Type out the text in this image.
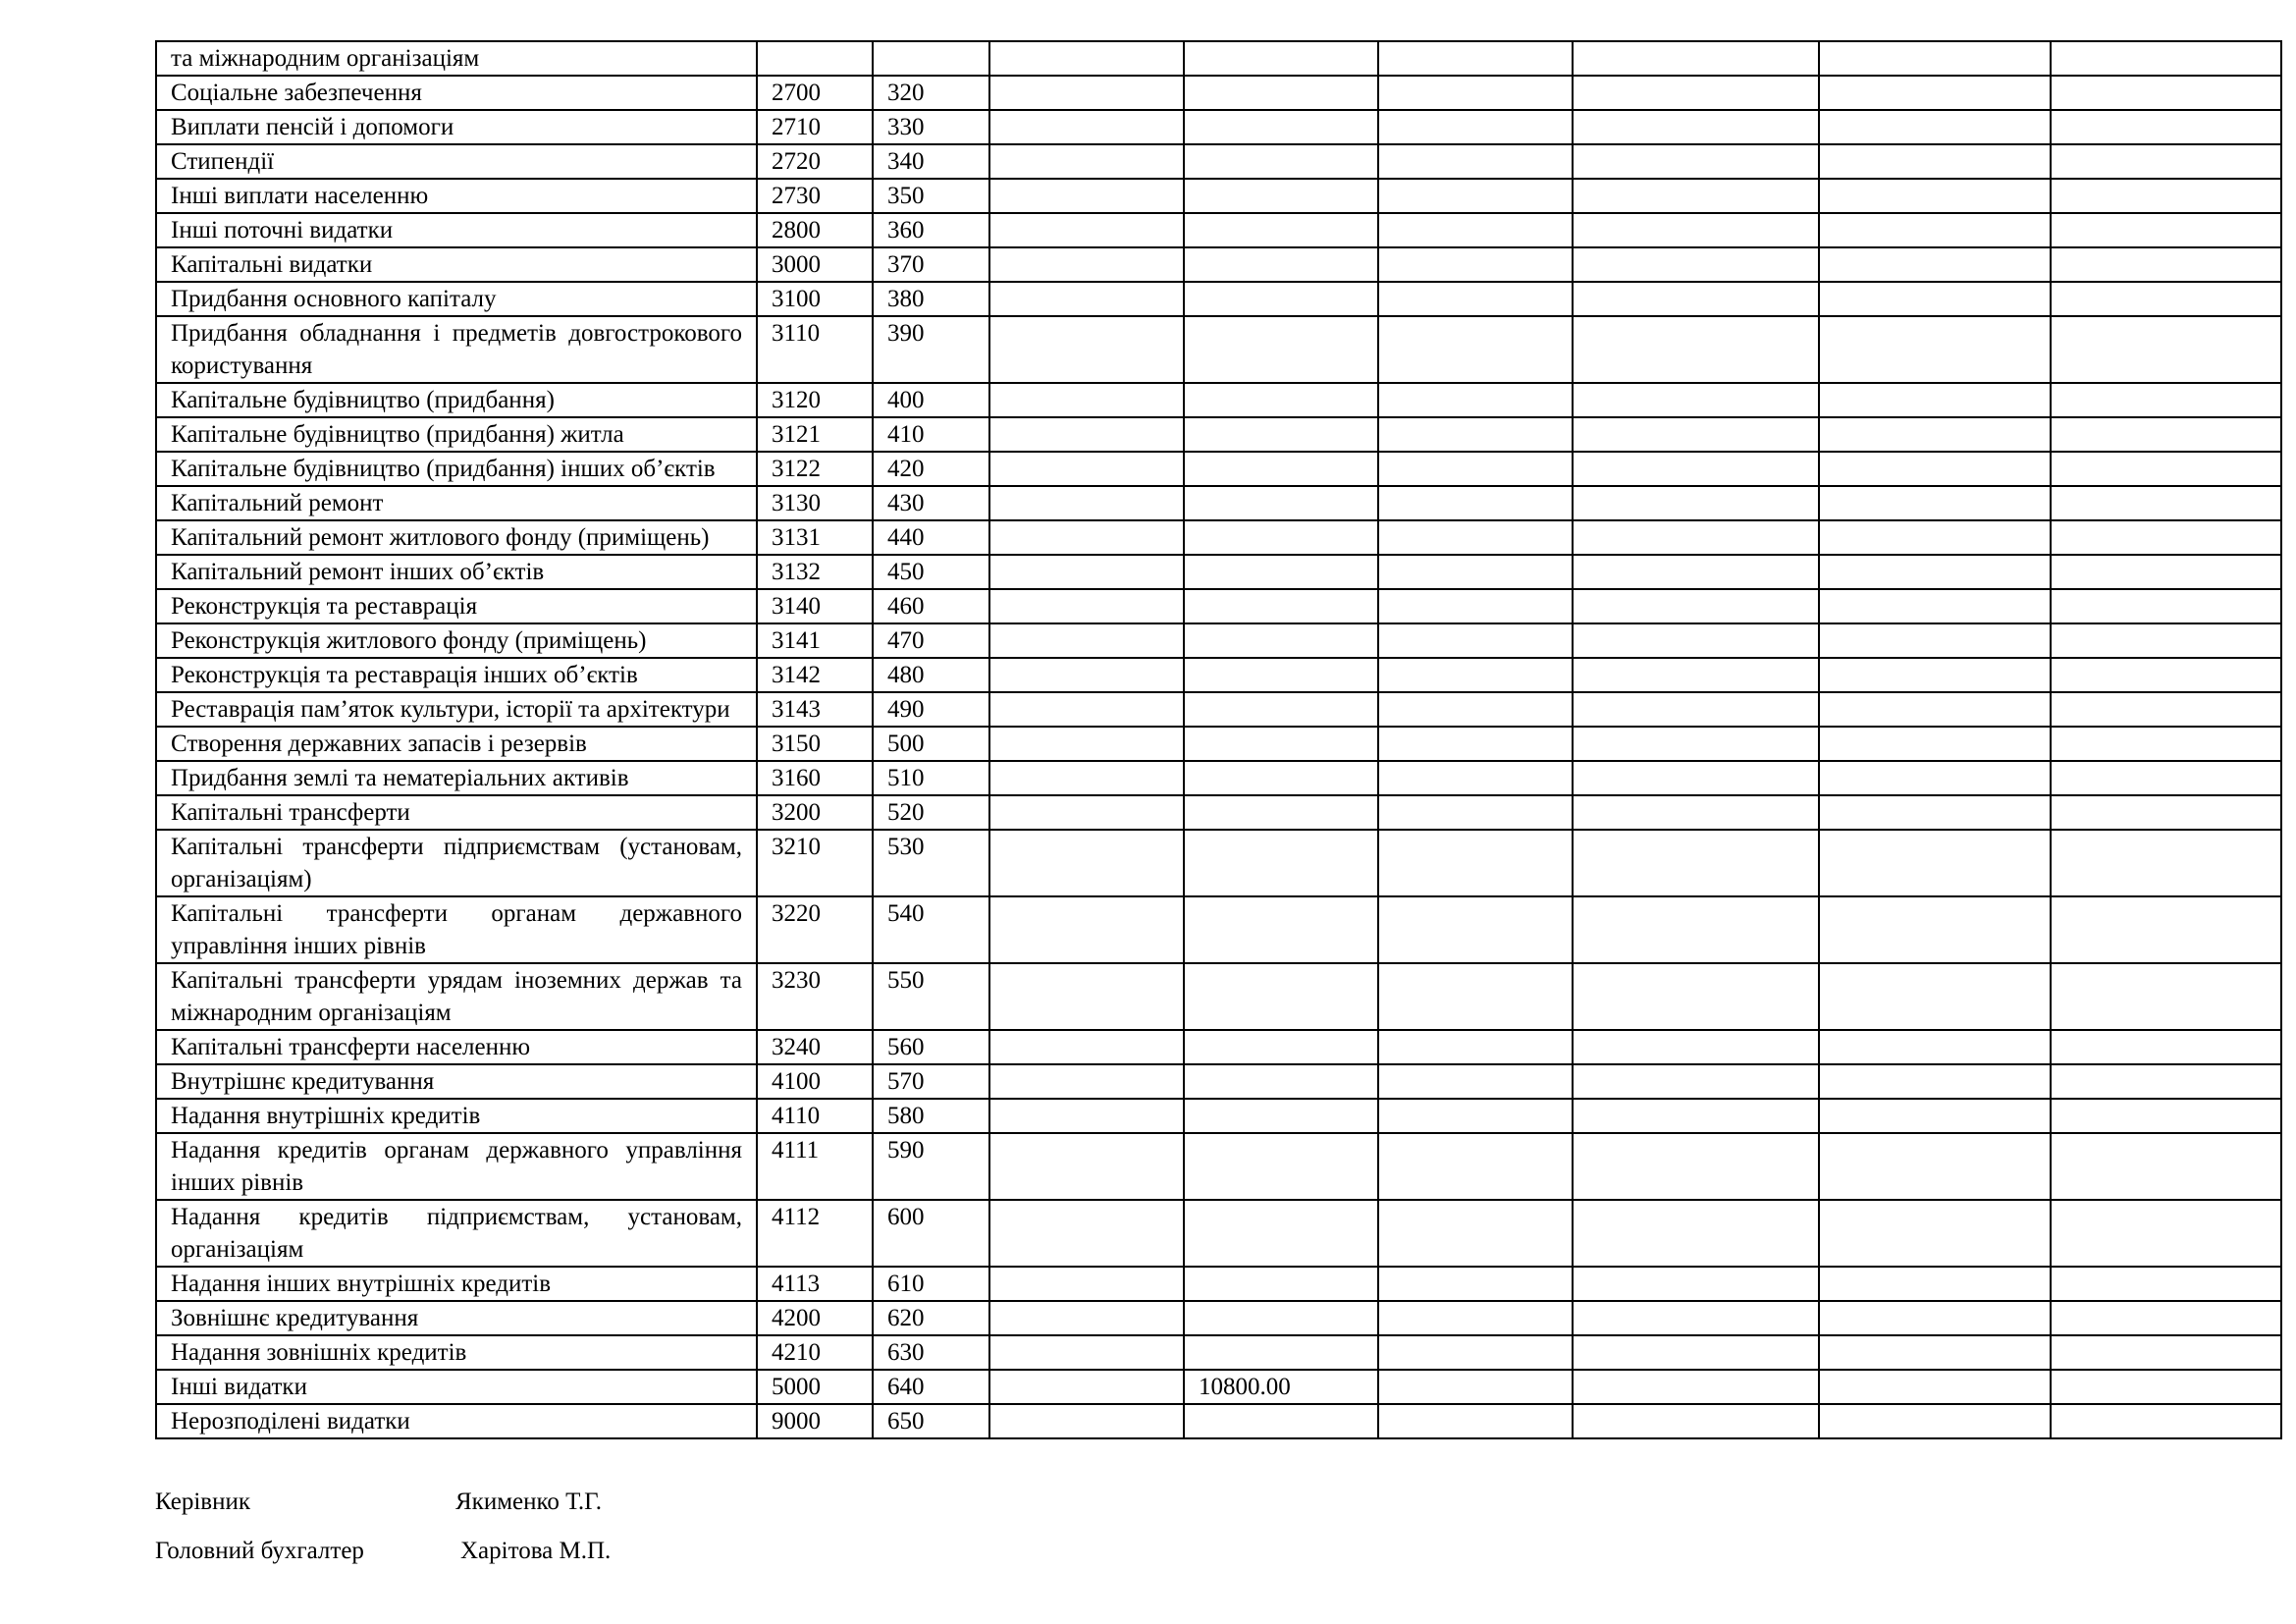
та міжнародним організаціям								
Соціальне забезпечення	2700	320						
Виплати пенсій і допомоги	2710	330						
Стипендії	2720	340						
Інші виплати населенню	2730	350						
Інші поточні видатки	2800	360						
Капітальні видатки	3000	370						
Придбання основного капіталу	3100	380						
Придбання обладнання і предметів довгострокового користування	3110	390						
Капітальне будівництво (придбання)	3120	400						
Капітальне будівництво (придбання) житла	3121	410						
Капітальне будівництво (придбання) інших об’єктів	3122	420						
Капітальний ремонт	3130	430						
Капітальний ремонт житлового фонду (приміщень)	3131	440						
Капітальний ремонт інших об’єктів	3132	450						
Реконструкція та реставрація	3140	460						
Реконструкція житлового фонду (приміщень)	3141	470						
Реконструкція та реставрація інших об’єктів	3142	480						
Реставрація пам’яток культури, історії та архітектури	3143	490						
Створення державних запасів і резервів	3150	500						
Придбання землі та нематеріальних активів	3160	510						
Капітальні трансферти	3200	520						
Капітальні трансферти підприємствам (установам, організаціям)	3210	530						
Капітальні трансферти органам державного управління інших рівнів	3220	540						
Капітальні трансферти урядам іноземних держав та міжнародним організаціям	3230	550						
Капітальні трансферти населенню	3240	560						
Внутрішнє кредитування	4100	570						
Надання внутрішніх кредитів	4110	580						
Надання кредитів органам державного управління інших рівнів	4111	590						
Надання кредитів підприємствам, установам, організаціям	4112	600						
Надання інших внутрішніх кредитів	4113	610						
Зовнішнє кредитування	4200	620						
Надання зовнішніх кредитів	4210	630						
Інші видатки	5000	640		10800.00				
Нерозподілені видатки	9000	650						
Керівник	Якименко Т.Г.
Головний бухгалтер	Харітова М.П.
